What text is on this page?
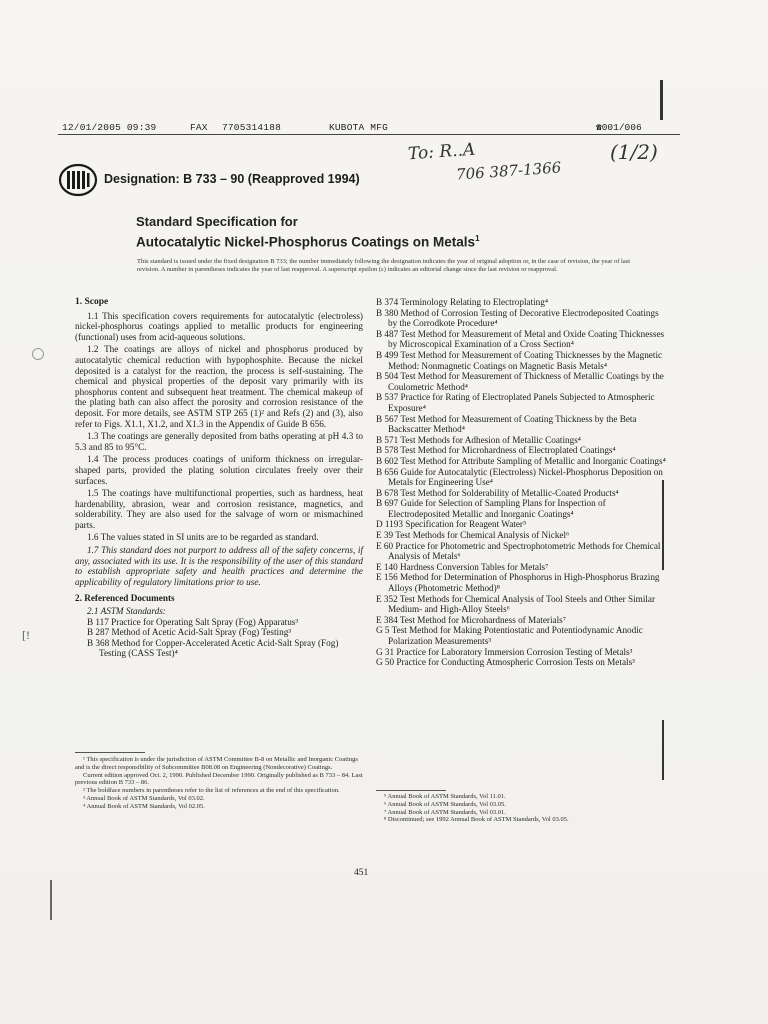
12/01/2005 09:39	FAX 7705314188	KUBOTA MFG	☎001/006
To: R..A
706 387-1366
(1/2)
Designation: B 733 – 90 (Reapproved 1994)
Standard Specification for
Autocatalytic Nickel-Phosphorus Coatings on Metals$^1$
This standard is issued under the fixed designation B 733; the number immediately following the designation indicates the year of original adoption or, in the case of revision, the year of last revision. A number in parentheses indicates the year of last reapproval. A superscript epsilon (ε) indicates an editorial change since the last revision or reapproval.
1. Scope
1.1 This specification covers requirements for autocatalytic (electroless) nickel-phosphorus coatings applied to metallic products for engineering (functional) uses from acid-aqueous solutions.
1.2 The coatings are alloys of nickel and phosphorus produced by autocatalytic chemical reduction with hypophosphite. Because the nickel deposited is a catalyst for the reaction, the process is self-sustaining. The chemical and physical properties of the deposit vary primarily with its phosphorus content and subsequent heat treatment. The chemical makeup of the plating bath can also affect the porosity and corrosion resistance of the deposit. For more details, see ASTM STP 265 (1)² and Refs (2) and (3), also refer to Figs. X1.1, X1.2, and X1.3 in the Appendix of Guide B 656.
1.3 The coatings are generally deposited from baths operating at pH 4.3 to 5.3 and 85 to 95°C.
1.4 The process produces coatings of uniform thickness on irregular-shaped parts, provided the plating solution circulates freely over their surfaces.
1.5 The coatings have multifunctional properties, such as hardness, heat hardenability, abrasion, wear and corrosion resistance, magnetics, and solderability. They are also used for the salvage of worn or mismachined parts.
1.6 The values stated in SI units are to be regarded as standard.
1.7 This standard does not purport to address all of the safety concerns, if any, associated with its use. It is the responsibility of the user of this standard to establish appropriate safety and health practices and determine the applicability of regulatory limitations prior to use.
2. Referenced Documents
2.1 ASTM Standards:
B 117 Practice for Operating Salt Spray (Fog) Apparatus³
B 287 Method of Acetic Acid-Salt Spray (Fog) Testing³
B 368 Method for Copper-Accelerated Acetic Acid-Salt Spray (Fog) Testing (CASS Test)⁴
B 374 Terminology Relating to Electroplating⁴
B 380 Method of Corrosion Testing of Decorative Electrodeposited Coatings by the Corrodkote Procedure⁴
B 487 Test Method for Measurement of Metal and Oxide Coating Thicknesses by Microscopical Examination of a Cross Section⁴
B 499 Test Method for Measurement of Coating Thicknesses by the Magnetic Method: Nonmagnetic Coatings on Magnetic Basis Metals⁴
B 504 Test Method for Measurement of Thickness of Metallic Coatings by the Coulometric Method⁴
B 537 Practice for Rating of Electroplated Panels Subjected to Atmospheric Exposure⁴
B 567 Test Method for Measurement of Coating Thickness by the Beta Backscatter Method⁴
B 571 Test Methods for Adhesion of Metallic Coatings⁴
B 578 Test Method for Microhardness of Electroplated Coatings⁴
B 602 Test Method for Attribute Sampling of Metallic and Inorganic Coatings⁴
B 656 Guide for Autocatalytic (Electroless) Nickel-Phosphorus Deposition on Metals for Engineering Use⁴
B 678 Test Method for Solderability of Metallic-Coated Products⁴
B 697 Guide for Selection of Sampling Plans for Inspection of Electrodeposited Metallic and Inorganic Coatings⁴
D 1193 Specification for Reagent Water⁵
E 39 Test Methods for Chemical Analysis of Nickel⁶
E 60 Practice for Photometric and Spectrophotometric Methods for Chemical Analysis of Metals⁶
E 140 Hardness Conversion Tables for Metals⁷
E 156 Method for Determination of Phosphorus in High-Phosphorus Brazing Alloys (Photometric Method)⁸
E 352 Test Methods for Chemical Analysis of Tool Steels and Other Similar Medium- and High-Alloy Steels⁶
E 384 Test Method for Microhardness of Materials⁷
G 5 Test Method for Making Potentiostatic and Potentiodynamic Anodic Polarization Measurements³
G 31 Practice for Laboratory Immersion Corrosion Testing of Metals³
G 50 Practice for Conducting Atmospheric Corrosion Tests on Metals³
¹ This specification is under the jurisdiction of ASTM Committee B-8 on Metallic and Inorganic Coatings and is the direct responsibility of Subcommittee B08.08 on Engineering (Nondecorative) Coatings.
Current edition approved Oct. 2, 1990. Published December 1990. Originally published as B 733 – 84. Last previous edition B 733 – 86.
² The boldface numbers in parentheses refer to the list of references at the end of this specification.
³ Annual Book of ASTM Standards, Vol 03.02.
⁴ Annual Book of ASTM Standards, Vol 02.05.
⁵ Annual Book of ASTM Standards, Vol 11.01.
⁶ Annual Book of ASTM Standards, Vol 03.05.
⁷ Annual Book of ASTM Standards, Vol 03.01.
⁸ Discontinued; see 1992 Annual Book of ASTM Standards, Vol 03.05.
451
[!
